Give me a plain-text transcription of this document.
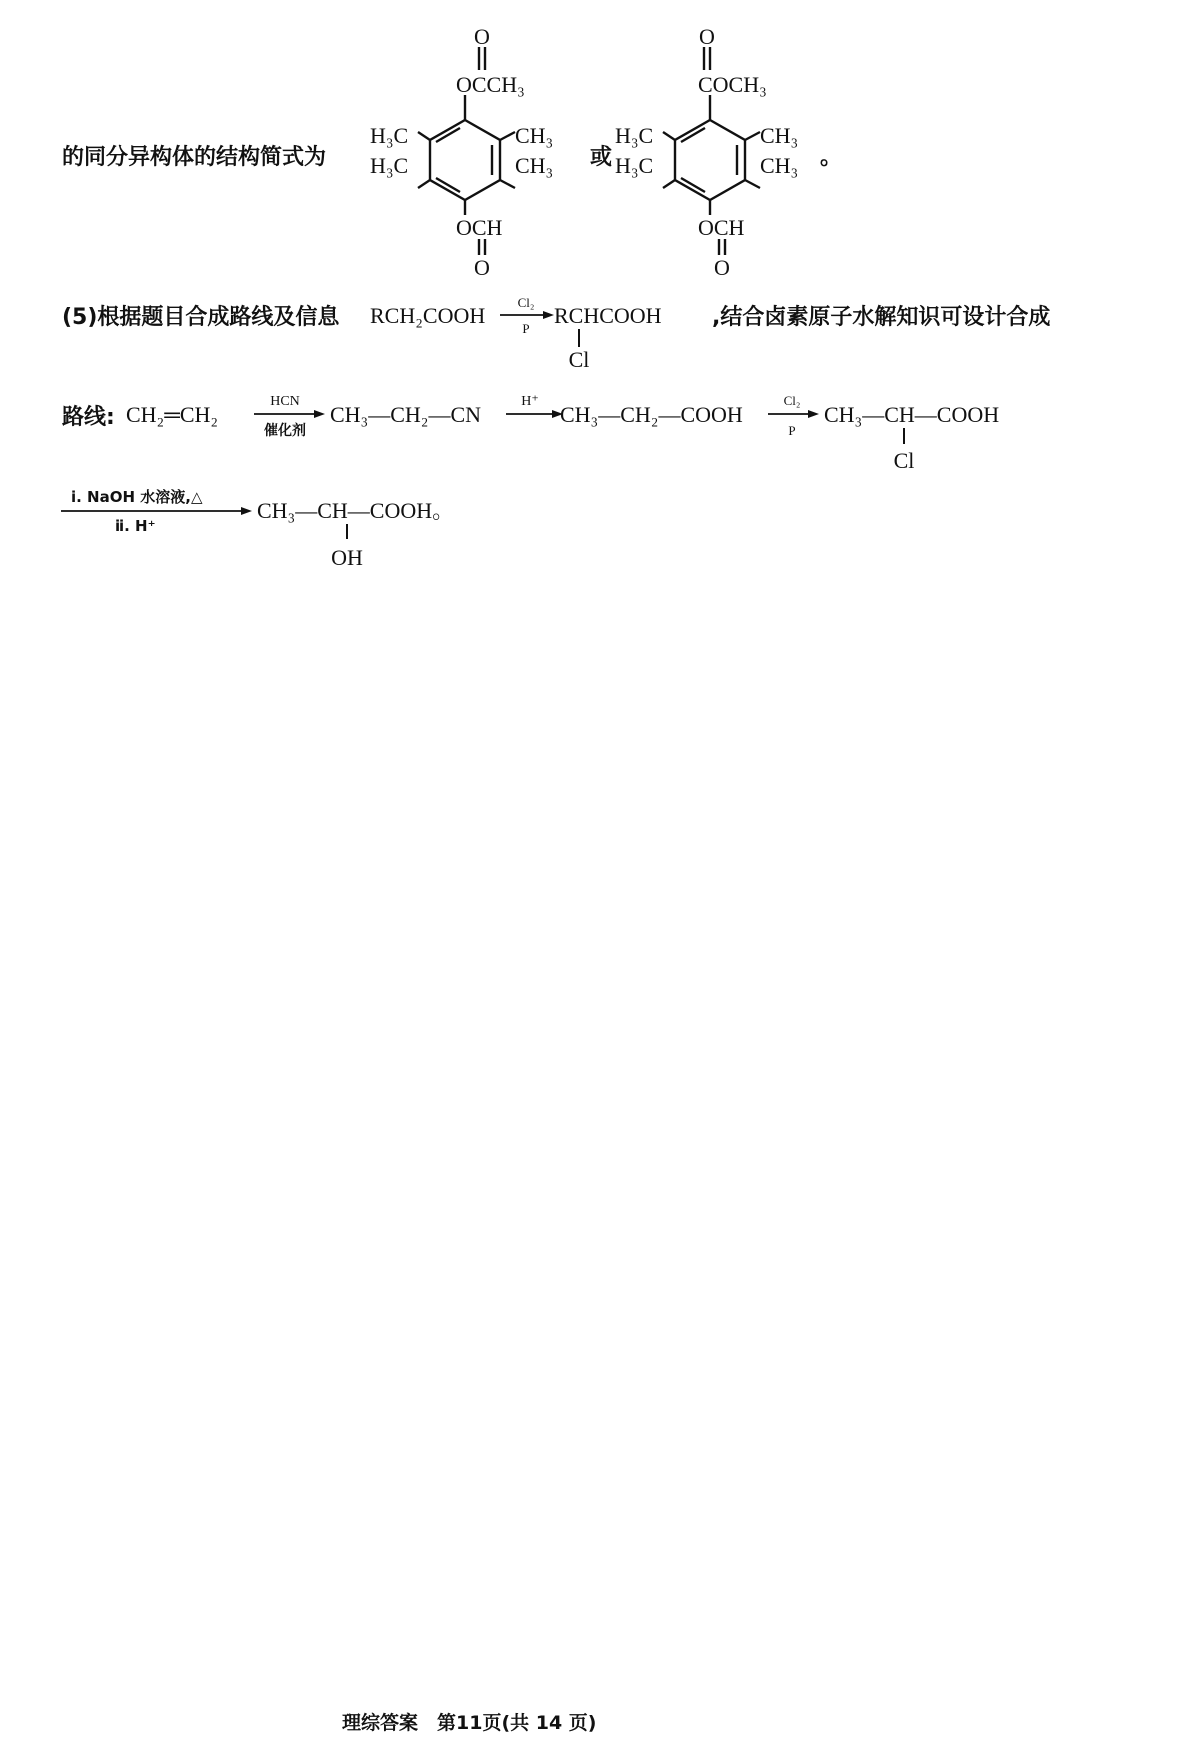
的同分异构体的结构简式为
O
OCCH₃
H₃C
H₃C
CH₃
CH₃
OCH
O
或
O
COCH₃
H₃C
H₃C
CH₃
CH₃
OCH
O
。
(5)根据题目合成路线及信息 RCH₂COOH
Cl₂
P
RCHCOOH
Cl
,结合卤素原子水解知识可设计合成
路线: CH₂═CH₂
HCN
催化剂
CH₃—CH₂—CN
H⁺
CH₃—CH₂—COOH
Cl₂
P
CH₃—CH—COOH
Cl
ⅰ. NaOH 水溶液,△
ⅱ. H⁺
CH₃—CH—COOH。
OH
理综答案　第11页(共 14 页)
